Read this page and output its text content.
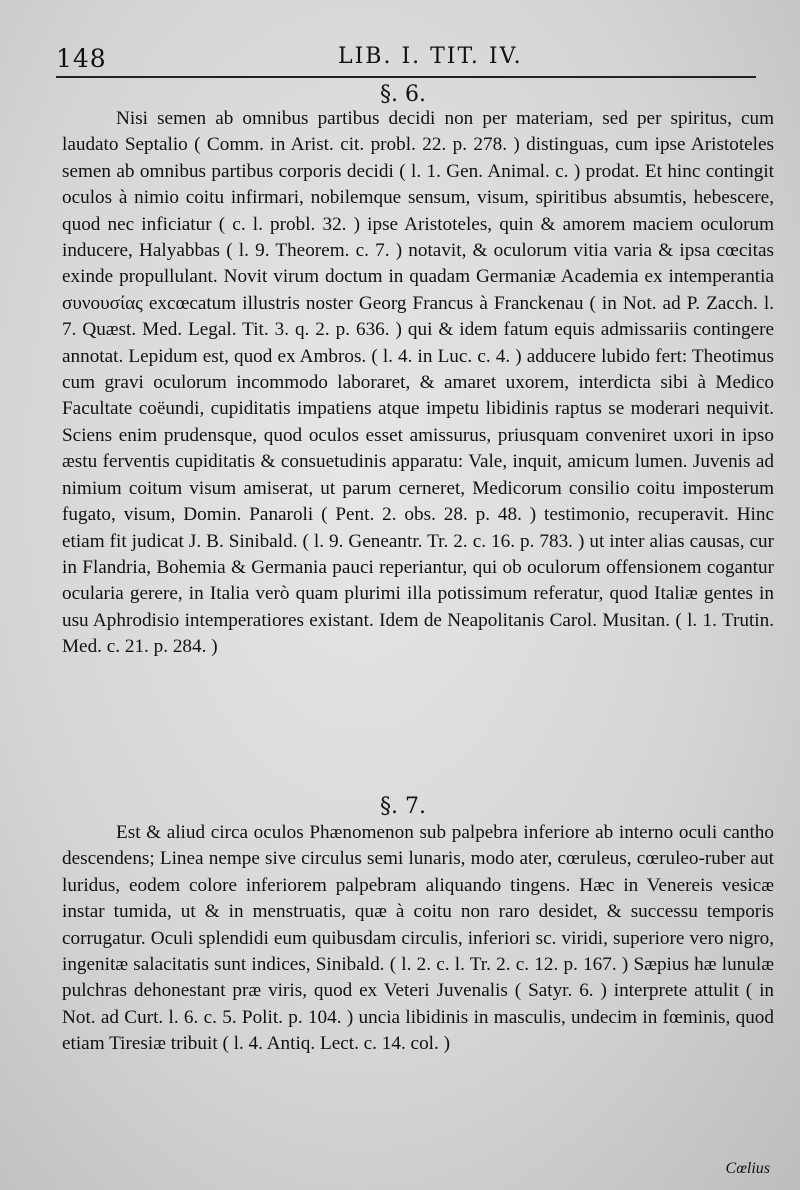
148	LIB. I. TIT. IV.
§. 6.
Nisi semen ab omnibus partibus decidi non per materiam, sed per spiritus, cum laudato Septalio ( Comm. in Arist. cit. probl. 22. p. 278. ) distinguas, cum ipse Aristoteles semen ab omnibus partibus corporis decidi ( l. 1. Gen. Animal. c. ) prodat. Et hinc contingit oculos à nimio coitu infirmari, nobilemque sensum, visum, spiritibus absumtis, hebescere, quod nec inficiatur ( c. l. probl. 32. ) ipse Aristoteles, quin & amorem maciem oculorum inducere, Halyabbas ( l. 9. Theorem. c. 7. ) notavit, & oculorum vitia varia & ipsa cœcitas exinde propullulant. Novit virum doctum in quadam Germaniæ Academia ex intemperantia συνουσίας excœcatum illustris noster Georg Francus à Franckenau ( in Not. ad P. Zacch. l. 7. Quæst. Med. Legal. Tit. 3. q. 2. p. 636. ) qui & idem fatum equis admissariis contingere annotat. Lepidum est, quod ex Ambros. ( l. 4. in Luc. c. 4. ) adducere lubido fert: Theotimus cum gravi oculorum incommodo laboraret, & amaret uxorem, interdicta sibi à Medico Facultate coëundi, cupiditatis impatiens atque impetu libidinis raptus se moderari nequivit. Sciens enim prudensque, quod oculos esset amissurus, priusquam conveniret uxori in ipso æstu ferventis cupiditatis & consuetudinis apparatu: Vale, inquit, amicum lumen. Juvenis ad nimium coitum visum amiserat, ut parum cerneret, Medicorum consilio coitu imposterum fugato, visum, Domin. Panaroli ( Pent. 2. obs. 28. p. 48. ) testimonio, recuperavit. Hinc etiam fit judicat J. B. Sinibald. ( l. 9. Geneantr. Tr. 2. c. 16. p. 783. ) ut inter alias causas, cur in Flandria, Bohemia & Germania pauci reperiantur, qui ob oculorum offensionem cogantur ocularia gerere, in Italia verò quam plurimi illa potissimum referatur, quod Italiæ gentes in usu Aphrodisio intemperatiores existant. Idem de Neapolitanis Carol. Musitan. ( l. 1. Trutin. Med. c. 21. p. 284. )
§. 7.
Est & aliud circa oculos Phænomenon sub palpebra inferiore ab interno oculi cantho descendens; Linea nempe sive circulus semi lunaris, modo ater, cœruleus, cœruleo-ruber aut luridus, eodem colore inferiorem palpebram aliquando tingens. Hæc in Venereis vesicæ instar tumida, ut & in menstruatis, quæ à coitu non raro desidet, & successu temporis corrugatur. Oculi splendidi eum quibusdam circulis, inferiori sc. viridi, superiore vero nigro, ingenitæ salacitatis sunt indices, Sinibald. ( l. 2. c. l. Tr. 2. c. 12. p. 167. ) Sæpius hæ lunulæ pulchras dehonestant præ viris, quod ex Veteri Juvenalis ( Satyr. 6. ) interprete attulit ( in Not. ad Curt. l. 6. c. 5. Polit. p. 104. ) uncia libidinis in masculis, undecim in fœminis, quod etiam Tiresiæ tribuit ( l. 4. Antiq. Lect. c. 14. col. )
Cœlius
